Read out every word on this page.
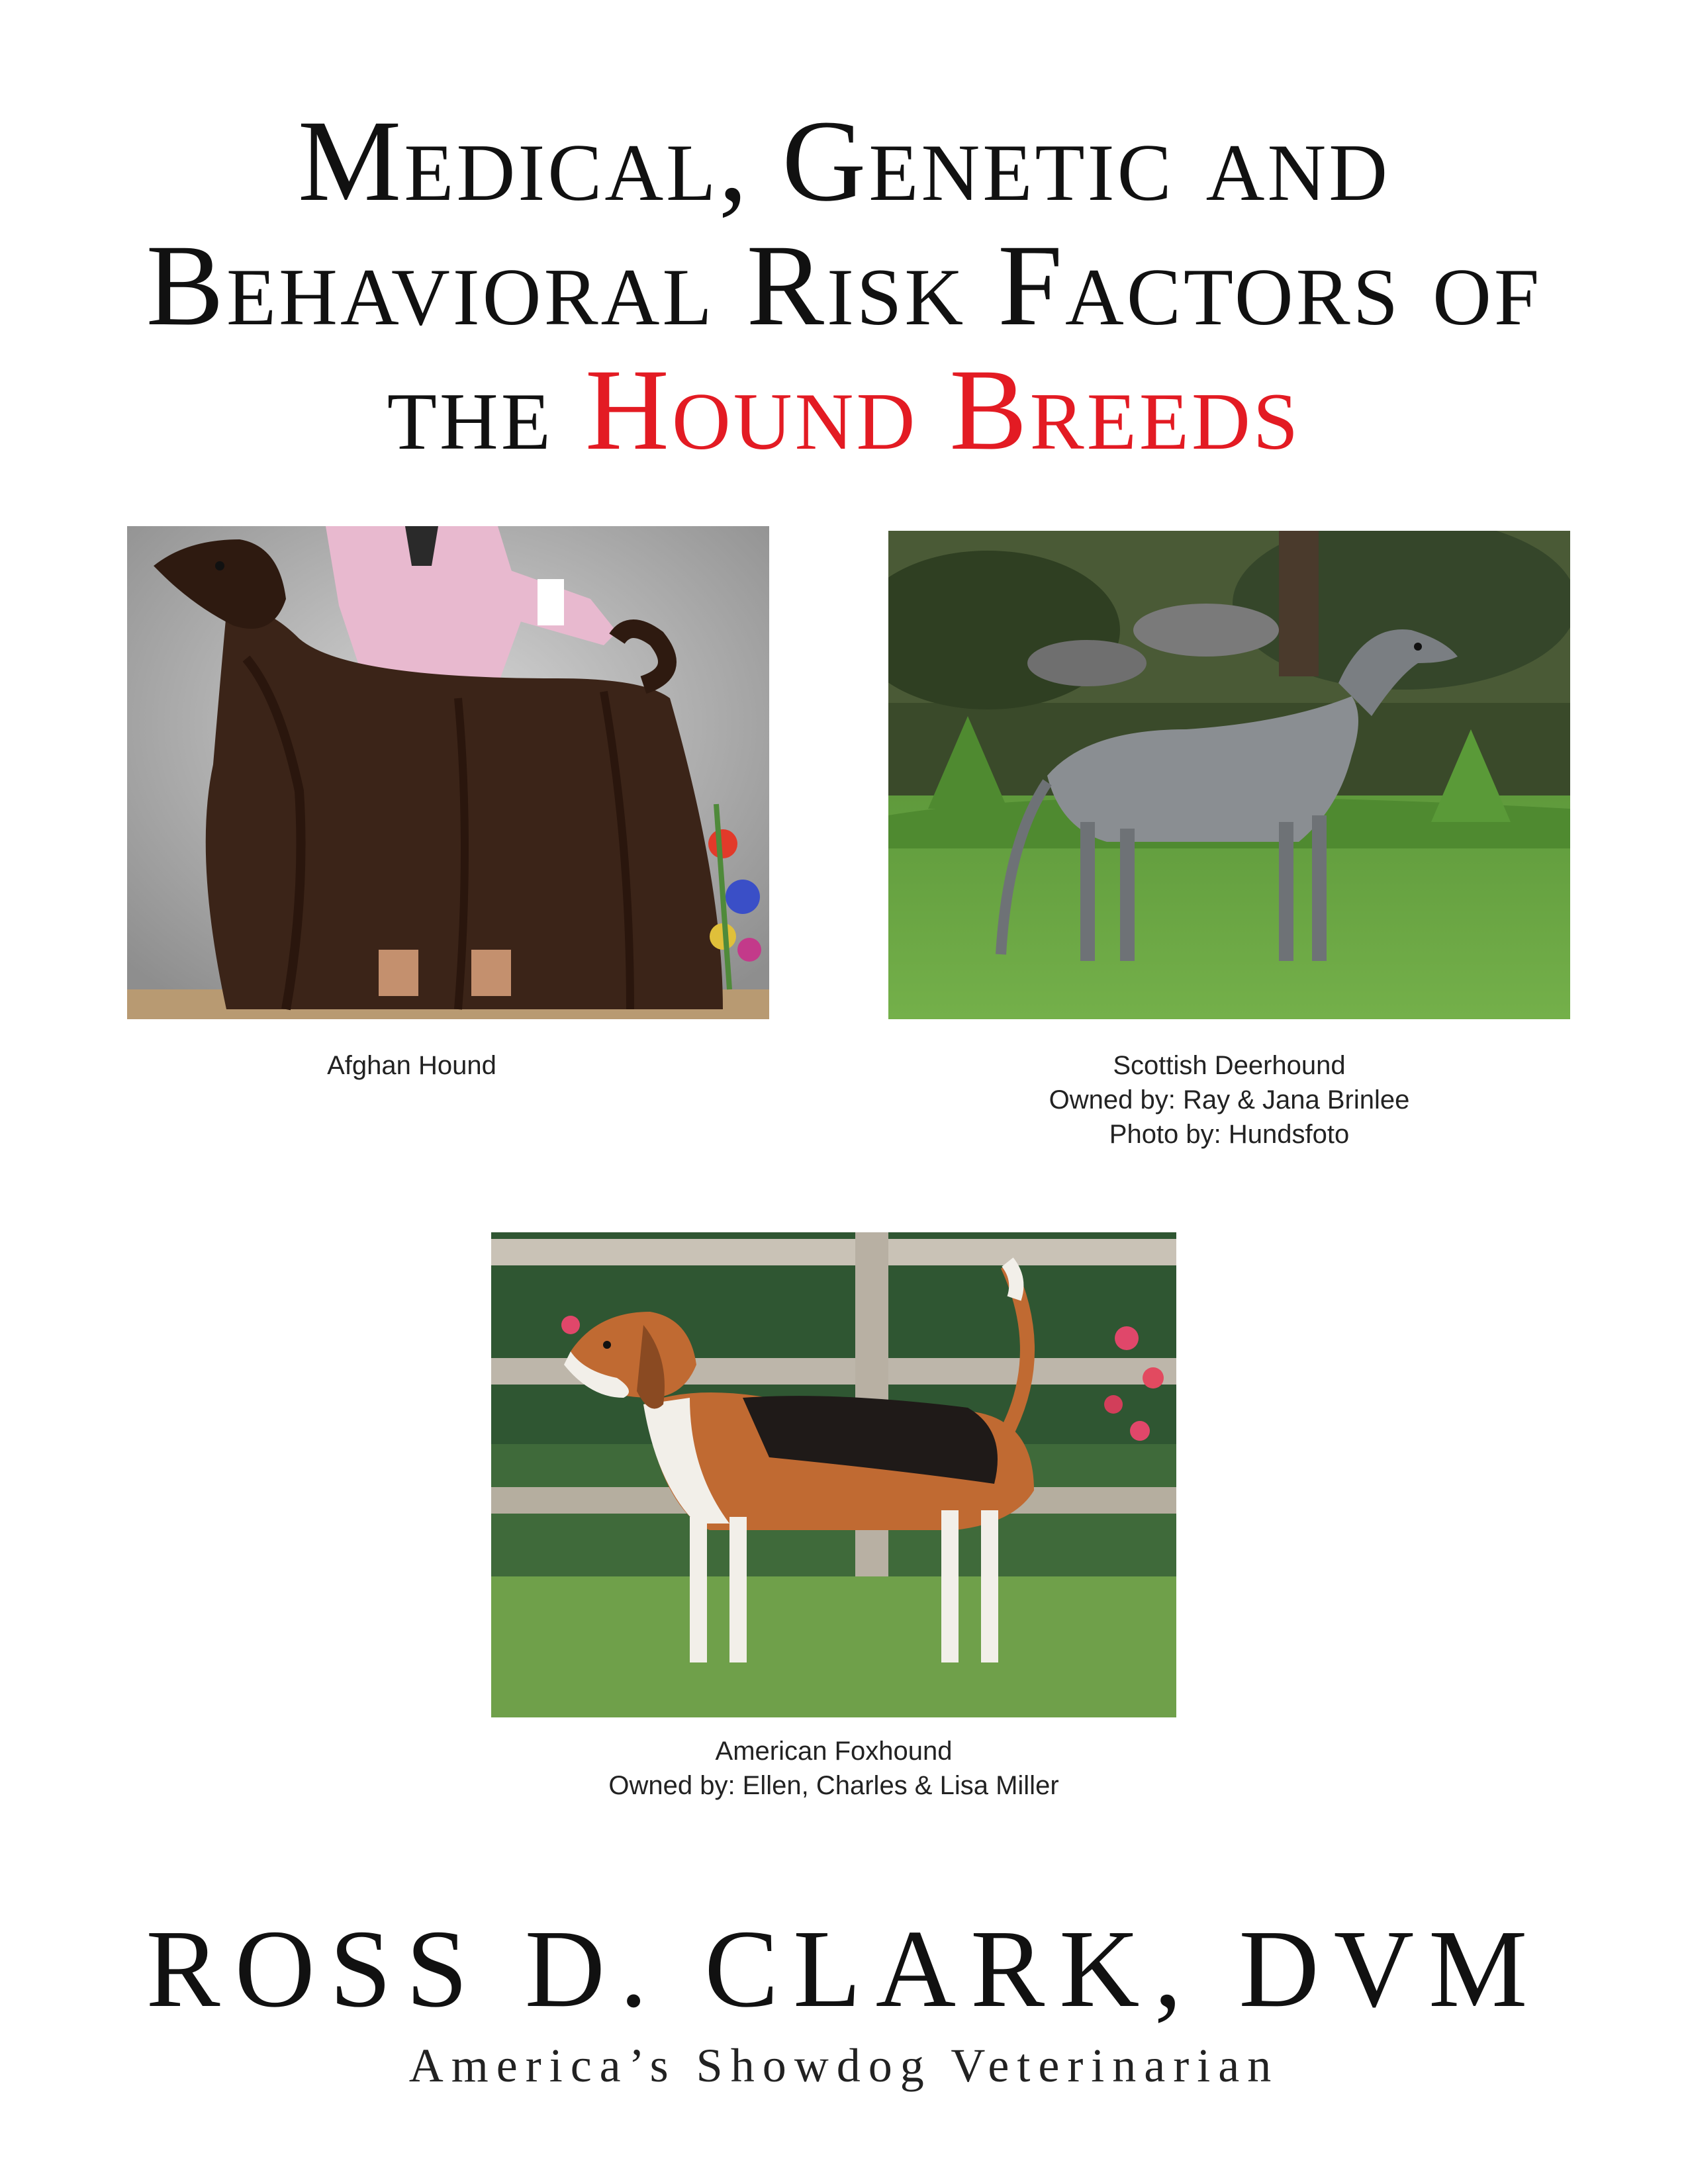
Medical, Genetic and
Behavioral Risk Factors of
the Hound Breeds
Afghan Hound	Scottish Deerhound
Owned by: Ray & Jana Brinlee
Photo by: Hundsfoto
American Foxhound
Owned by: Ellen, Charles & Lisa Miller
ROSS D. CLARK, DVM
America’s Showdog Veterinarian
